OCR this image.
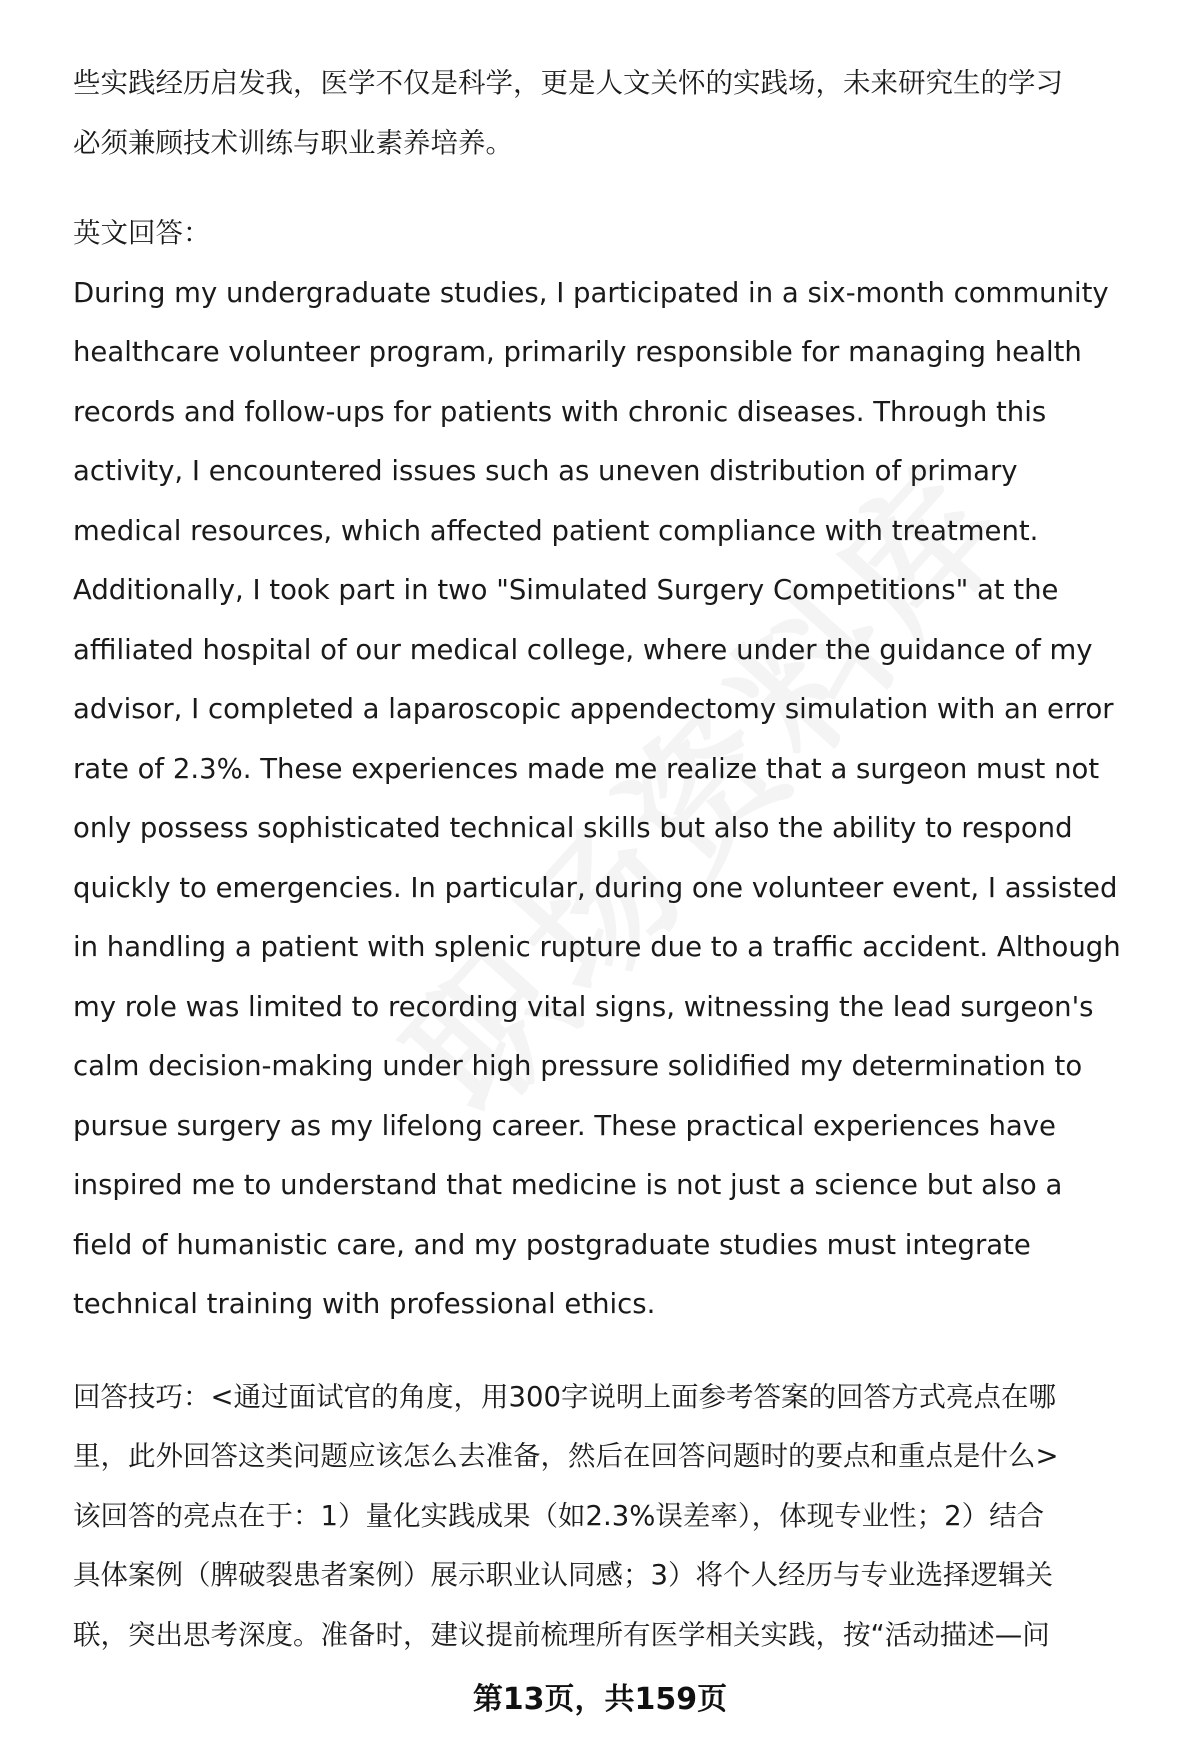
些实践经历启发我，医学不仅是科学，更是人文关怀的实践场，未来研究生的学习
必须兼顾技术训练与职业素养培养。
英文回答：
During my undergraduate studies, I participated in a six-month community
healthcare volunteer program, primarily responsible for managing health
records and follow-ups for patients with chronic diseases. Through this
activity, I encountered issues such as uneven distribution of primary
medical resources, which affected patient compliance with treatment.
Additionally, I took part in two "Simulated Surgery Competitions" at the
affiliated hospital of our medical college, where under the guidance of my
advisor, I completed a laparoscopic appendectomy simulation with an error
rate of 2.3%. These experiences made me realize that a surgeon must not
only possess sophisticated technical skills but also the ability to respond
quickly to emergencies. In particular, during one volunteer event, I assisted
in handling a patient with splenic rupture due to a traffic accident. Although
my role was limited to recording vital signs, witnessing the lead surgeon's
calm decision-making under high pressure solidified my determination to
pursue surgery as my lifelong career. These practical experiences have
inspired me to understand that medicine is not just a science but also a
field of humanistic care, and my postgraduate studies must integrate
technical training with professional ethics.
回答技巧：<通过面试官的角度，用300字说明上面参考答案的回答方式亮点在哪
里，此外回答这类问题应该怎么去准备，然后在回答问题时的要点和重点是什么>
该回答的亮点在于：1）量化实践成果（如2.3%误差率），体现专业性；2）结合
具体案例（脾破裂患者案例）展示职业认同感；3）将个人经历与专业选择逻辑关
联，突出思考深度。准备时，建议提前梳理所有医学相关实践，按“活动描述—问
第13页，共159页
